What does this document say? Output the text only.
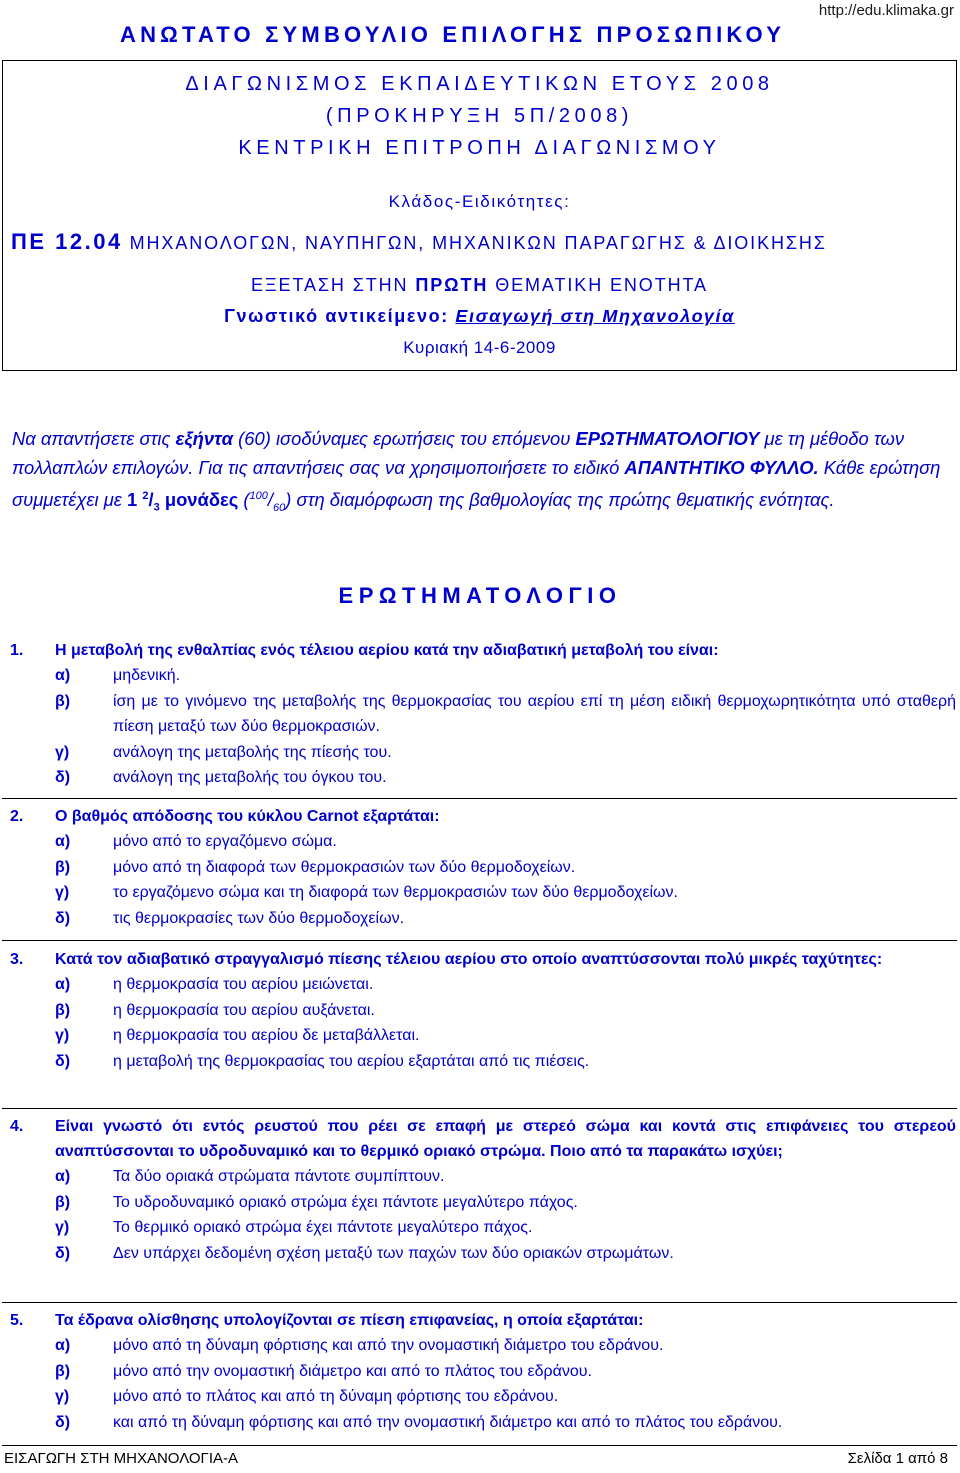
http://edu.klimaka.gr
ΑΝΩΤΑΤΟ ΣΥΜΒΟΥΛΙΟ ΕΠΙΛΟΓΗΣ ΠΡΟΣΩΠΙΚΟΥ
ΔΙΑΓΩΝΙΣΜΟΣ ΕΚΠΑΙΔΕΥΤΙΚΩΝ ΕΤΟΥΣ 2008
(ΠΡΟΚΗΡΥΞΗ 5Π/2008)
ΚΕΝΤΡΙΚΗ ΕΠΙΤΡΟΠΗ ΔΙΑΓΩΝΙΣΜΟΥ
Κλάδος-Ειδικότητες:
ΠΕ 12.04 ΜΗΧΑΝΟΛΟΓΩΝ, ΝΑΥΠΗΓΩΝ, ΜΗΧΑΝΙΚΩΝ ΠΑΡΑΓΩΓΗΣ & ΔΙΟΙΚΗΣΗΣ
ΕΞΕΤΑΣΗ ΣΤΗΝ ΠΡΩΤΗ ΘΕΜΑΤΙΚΗ ΕΝΟΤΗΤΑ
Γνωστικό αντικείμενο: Εισαγωγή στη Μηχανολογία
Κυριακή 14-6-2009
Να απαντήσετε στις εξήντα (60) ισοδύναμες ερωτήσεις του επόμενου ΕΡΩΤΗΜΑΤΟΛΟΓΙΟΥ με τη μέθοδο των πολλαπλών επιλογών. Για τις απαντήσεις σας να χρησιμοποιήσετε το ειδικό ΑΠΑΝΤΗΤΙΚΟ ΦΥΛΛΟ. Κάθε ερώτηση συμμετέχει με 1 $^2/_3$ μονάδες $(^{100}/_{60})$ στη διαμόρφωση της βαθμολογίας της πρώτης θεματικής ενότητας.
ΕΡΩΤΗΜΑΤΟΛΟΓΙΟ
1.	Η μεταβολή της ενθαλπίας ενός τέλειου αερίου κατά την αδιαβατική μεταβολή του είναι:
α)	μηδενική.
β)	ίση με το γινόμενο της μεταβολής της θερμοκρασίας του αερίου επί τη μέση ειδική θερμοχωρητικότητα υπό σταθερή πίεση μεταξύ των δύο θερμοκρασιών.
γ)	ανάλογη της μεταβολής της πίεσής του.
δ)	ανάλογη της μεταβολής του όγκου του.
2.	Ο βαθμός απόδοσης του κύκλου Carnot εξαρτάται:
α)	μόνο από το εργαζόμενο σώμα.
β)	μόνο από τη διαφορά των θερμοκρασιών των δύο θερμοδοχείων.
γ)	το εργαζόμενο σώμα και τη διαφορά των θερμοκρασιών των δύο θερμοδοχείων.
δ)	τις θερμοκρασίες των δύο θερμοδοχείων.
3.	Κατά τον αδιαβατικό στραγγαλισμό πίεσης τέλειου αερίου στο οποίο αναπτύσσονται πολύ μικρές ταχύτητες:
α)	η θερμοκρασία του αερίου μειώνεται.
β)	η θερμοκρασία του αερίου αυξάνεται.
γ)	η θερμοκρασία του αερίου δε μεταβάλλεται.
δ)	η μεταβολή της θερμοκρασίας του αερίου εξαρτάται από τις πιέσεις.
4.	Είναι γνωστό ότι εντός ρευστού που ρέει σε επαφή με στερεό σώμα και κοντά στις επιφάνειες του στερεού αναπτύσσονται το υδροδυναμικό και το θερμικό οριακό στρώμα. Ποιο από τα παρακάτω ισχύει;
α)	Τα δύο οριακά στρώματα πάντοτε συμπίπτουν.
β)	Το υδροδυναμικό οριακό στρώμα έχει πάντοτε μεγαλύτερο πάχος.
γ)	Το θερμικό οριακό στρώμα έχει πάντοτε μεγαλύτερο πάχος.
δ)	Δεν υπάρχει δεδομένη σχέση μεταξύ των παχών των δύο οριακών στρωμάτων.
5.	Τα έδρανα ολίσθησης υπολογίζονται σε πίεση επιφανείας, η οποία εξαρτάται:
α)	μόνο από τη δύναμη φόρτισης και από την ονομαστική διάμετρο του εδράνου.
β)	μόνο από την ονομαστική διάμετρο και από το πλάτος του εδράνου.
γ)	μόνο από το πλάτος και από τη δύναμη φόρτισης του εδράνου.
δ)	και από τη δύναμη φόρτισης και από την ονομαστική διάμετρο και από το πλάτος του εδράνου.
ΕΙΣΑΓΩΓΗ ΣΤΗ ΜΗΧΑΝΟΛΟΓΙΑ-Α	Σελίδα 1 από 8
